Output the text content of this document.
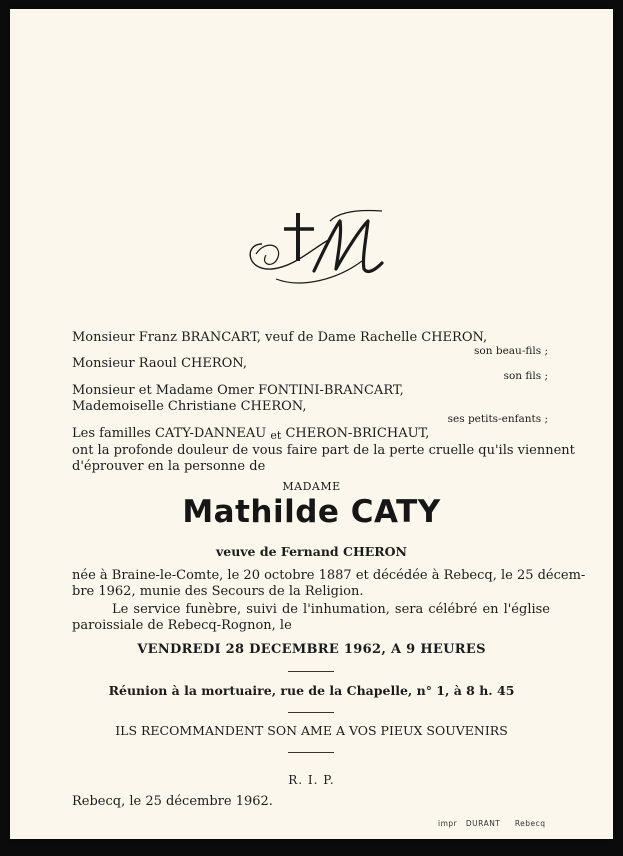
Monsieur Franz BRANCART, veuf de Dame Rachelle CHERON,
son beau-fils ;
Monsieur Raoul CHERON,
son fils ;
Monsieur et Madame Omer FONTINI-BRANCART,
Mademoiselle Christiane CHERON,
ses petits-enfants ;
Les familles CATY-DANNEAU et CHERON-BRICHAUT,
ont la profonde douleur de vous faire part de la perte cruelle qu'ils viennent
d'éprouver en la personne de
MADAME
Mathilde CATY
veuve de Fernand CHERON
née à Braine-le-Comte, le 20 octobre 1887 et décédée à Rebecq, le 25 décem-
bre 1962, munie des Secours de la Religion.
Le service funèbre, suivi de l'inhumation, sera célébré en l'église
paroissiale de Rebecq-Rognon, le
VENDREDI 28 DECEMBRE 1962, A 9 HEURES
Réunion à la mortuaire, rue de la Chapelle, n° 1, à 8 h. 45
ILS RECOMMANDENT SON AME A VOS PIEUX SOUVENIRS
R. I. P.
Rebecq, le 25 décembre 1962.
impr DURANT Rebecq
